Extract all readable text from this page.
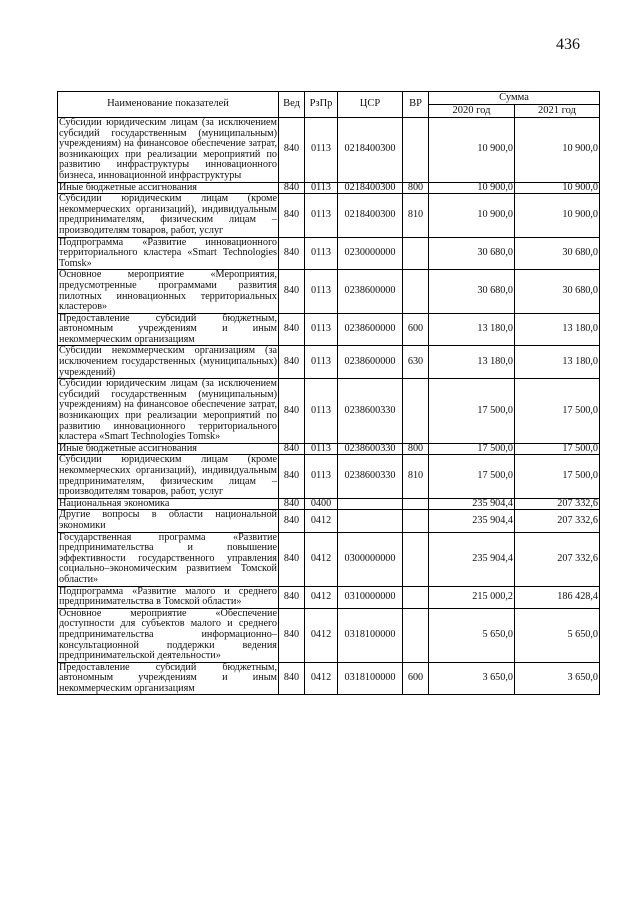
436
Наименование показателей	Вед	РзПр	ЦСР	ВР	Сумма	
					2020 год	2021 год
Субсидии юридическим лицам (за исключением субсидий государственным (муниципальным) учреждениям) на финансовое обеспечение затрат, возникающих при реализации мероприятий по развитию инфраструктуры инновационного бизнеса, инновационной инфраструктуры	840	0113	0218400300		10 900,0	10 900,0
Иные бюджетные ассигнования	840	0113	0218400300	800	10 900,0	10 900,0
Субсидии юридическим лицам (кроме некоммерческих организаций), индивидуальным предпринимателям, физическим лицам – производителям товаров, работ, услуг	840	0113	0218400300	810	10 900,0	10 900,0
Подпрограмма «Развитие инновационного территориального кластера «Smart Technologies Tomsk»	840	0113	0230000000		30 680,0	30 680,0
Основное мероприятие «Мероприятия, предусмотренные программами развития пилотных инновационных территориальных кластеров»	840	0113	0238600000		30 680,0	30 680,0
Предоставление субсидий бюджетным, автономным учреждениям и иным некоммерческим организациям	840	0113	0238600000	600	13 180,0	13 180,0
Субсидии некоммерческим организациям (за исключением государственных (муниципальных) учреждений)	840	0113	0238600000	630	13 180,0	13 180,0
Субсидии юридическим лицам (за исключением субсидий государственным (муниципальным) учреждениям) на финансовое обеспечение затрат, возникающих при реализации мероприятий по развитию инновационного территориального кластера «Smart Technologies Tomsk»	840	0113	0238600330		17 500,0	17 500,0
Иные бюджетные ассигнования	840	0113	0238600330	800	17 500,0	17 500,0
Субсидии юридическим лицам (кроме некоммерческих организаций), индивидуальным предпринимателям, физическим лицам – производителям товаров, работ, услуг	840	0113	0238600330	810	17 500,0	17 500,0
Национальная экономика	840	0400			235 904,4	207 332,6
Другие вопросы в области национальной экономики	840	0412			235 904,4	207 332,6
Государственная программа «Развитие предпринимательства и повышение эффективности государственного управления социально–экономическим развитием Томской области»	840	0412	0300000000		235 904,4	207 332,6
Подпрограмма «Развитие малого и среднего предпринимательства в Томской области»	840	0412	0310000000		215 000,2	186 428,4
Основное мероприятие «Обеспечение доступности для субъектов малого и среднего предпринимательства информационно–консультационной поддержки ведения предпринимательской деятельности»	840	0412	0318100000		5 650,0	5 650,0
Предоставление субсидий бюджетным, автономным учреждениям и иным некоммерческим организациям	840	0412	0318100000	600	3 650,0	3 650,0
